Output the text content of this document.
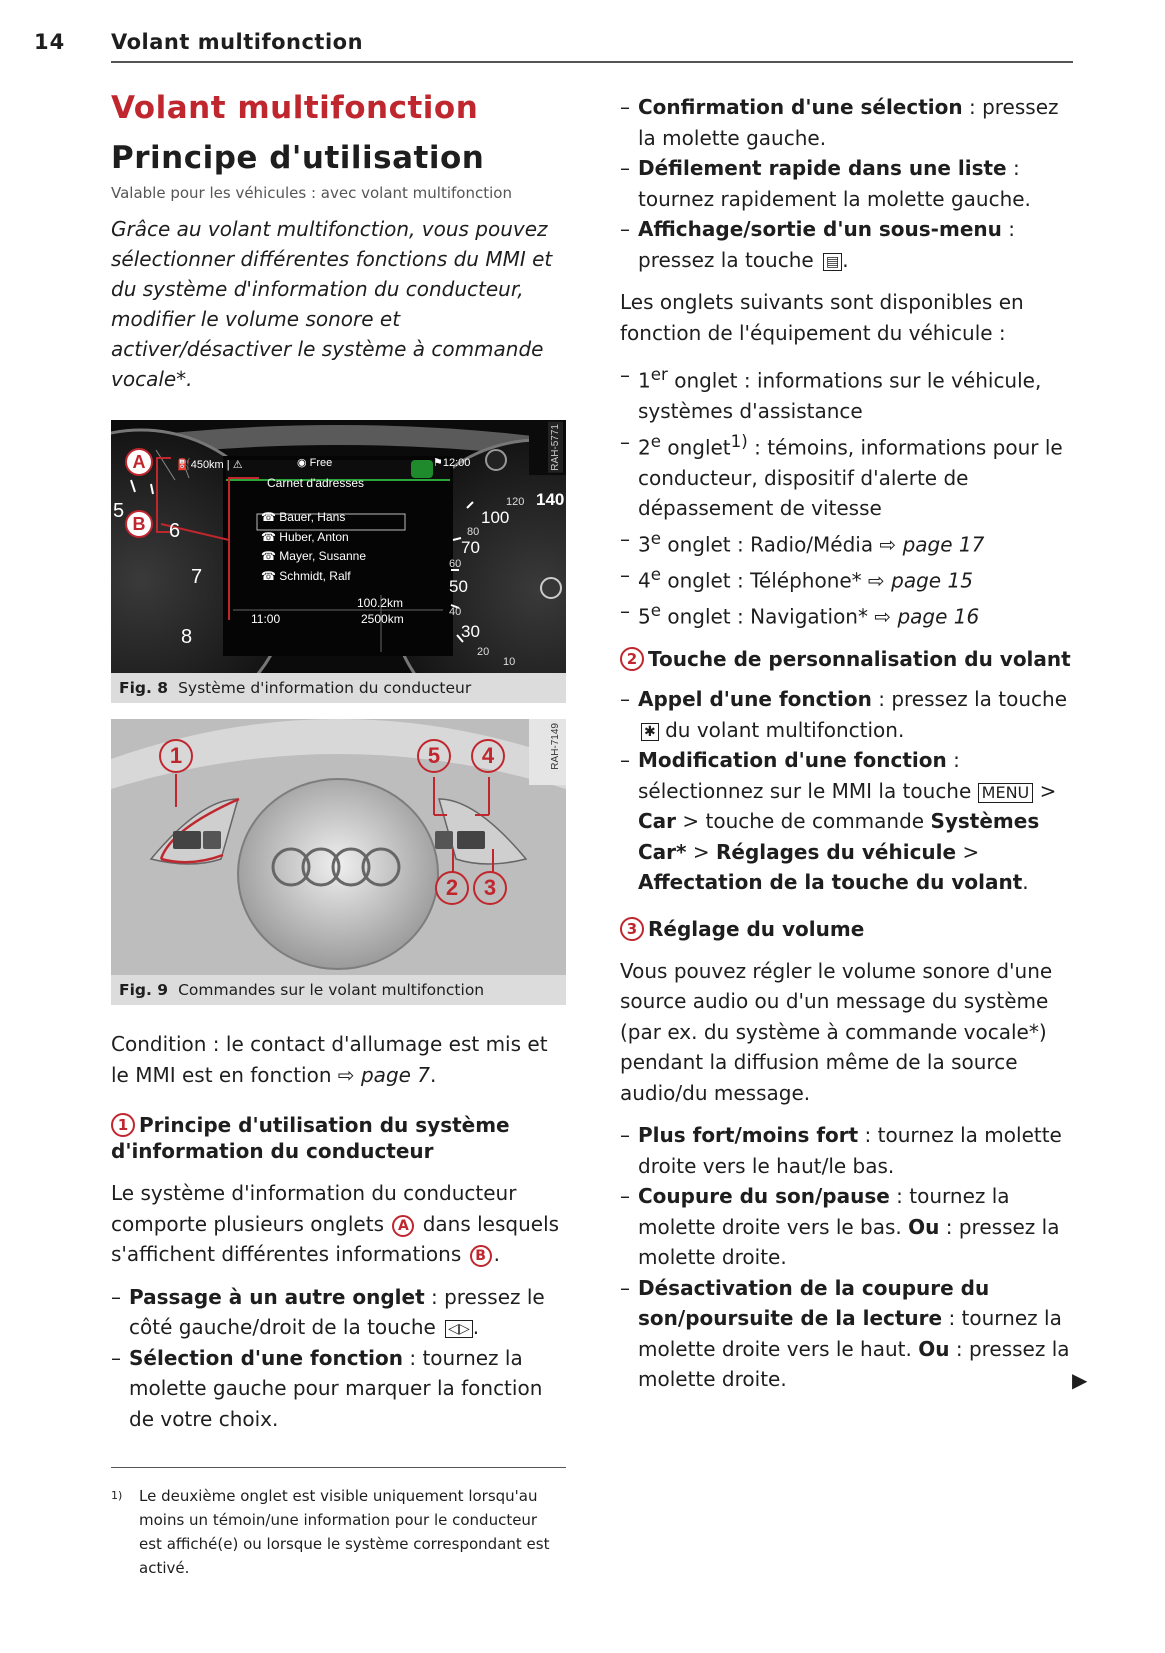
14 Volant multifonction
Volant multifonction
Principe d'utilisation
Valable pour les véhicules : avec volant multifonction

Grâce au volant multifonction, vous pouvez sélectionner différentes fonctions du MMI et du système d'information du conducteur, modifier le volume sonore et activer/désactiver le système à commande vocale*.

A
B
⛽450km | ⚠	◉ Free	⚑12:00
Carnet d'adresses
☎ Bauer, Hans
☎ Huber, Anton
☎ Mayer, Susanne
☎ Schmidt, Ralf
11:00
100.2km
2500km
140
120
100
80
70
60
50
40
30
20
10
5
6
7
8
RAH-5771
Fig. 8 Système d'information du conducteur
1	5	4
2	3
RAH-7149
Fig. 9 Commandes sur le volant multifonction

Condition : le contact d'allumage est mis et le MMI est en fonction ⇨ page 7.

1 Principe d'utilisation du système d'information du conducteur

Le système d'information du conducteur comporte plusieurs onglets A dans lesquels s'affichent différentes informations B .

– Passage à un autre onglet : pressez le côté gauche/droit de la touche ◁▷ .
– Sélection d'une fonction : tournez la molette gauche pour marquer la fonction de votre choix.
– Confirmation d'une sélection : pressez la molette gauche.
– Défilement rapide dans une liste : tournez rapidement la molette gauche.
– Affichage/sortie d'un sous-menu : pressez la touche ▤ .

Les onglets suivants sont disponibles en fonction de l'équipement du véhicule :

– 1er onglet : informations sur le véhicule, systèmes d'assistance
– 2e onglet$^{1)}$ : témoins, informations pour le conducteur, dispositif d'alerte de dépassement de vitesse
– 3e onglet : Radio/Média ⇨ page 17
– 4e onglet : Téléphone* ⇨ page 15
– 5e onglet : Navigation* ⇨ page 16
2 Touche de personnalisation du volant
– Appel d'une fonction : pressez la touche ✱ du volant multifonction.
– Modification d'une fonction : sélectionnez sur le MMI la touche MENU > Car > touche de commande Systèmes Car* > Réglages du véhicule > Affectation de la touche du volant.
3 Réglage du volume

Vous pouvez régler le volume sonore d'une source audio ou d'un message du système (par ex. du système à commande vocale*) pendant la diffusion même de la source audio/du message.

– Plus fort/moins fort : tournez la molette droite vers le haut/le bas.
– Coupure du son/pause : tournez la molette droite vers le bas. Ou : pressez la molette droite.
– Désactivation de la coupure du son/poursuite de la lecture : tournez la molette droite vers le haut. Ou : pressez la molette droite.	▶
$^{1)}$ Le deuxième onglet est visible uniquement lorsqu'au moins un témoin/une information pour le conducteur est affiché(e) ou lorsque le système correspondant est activé.
